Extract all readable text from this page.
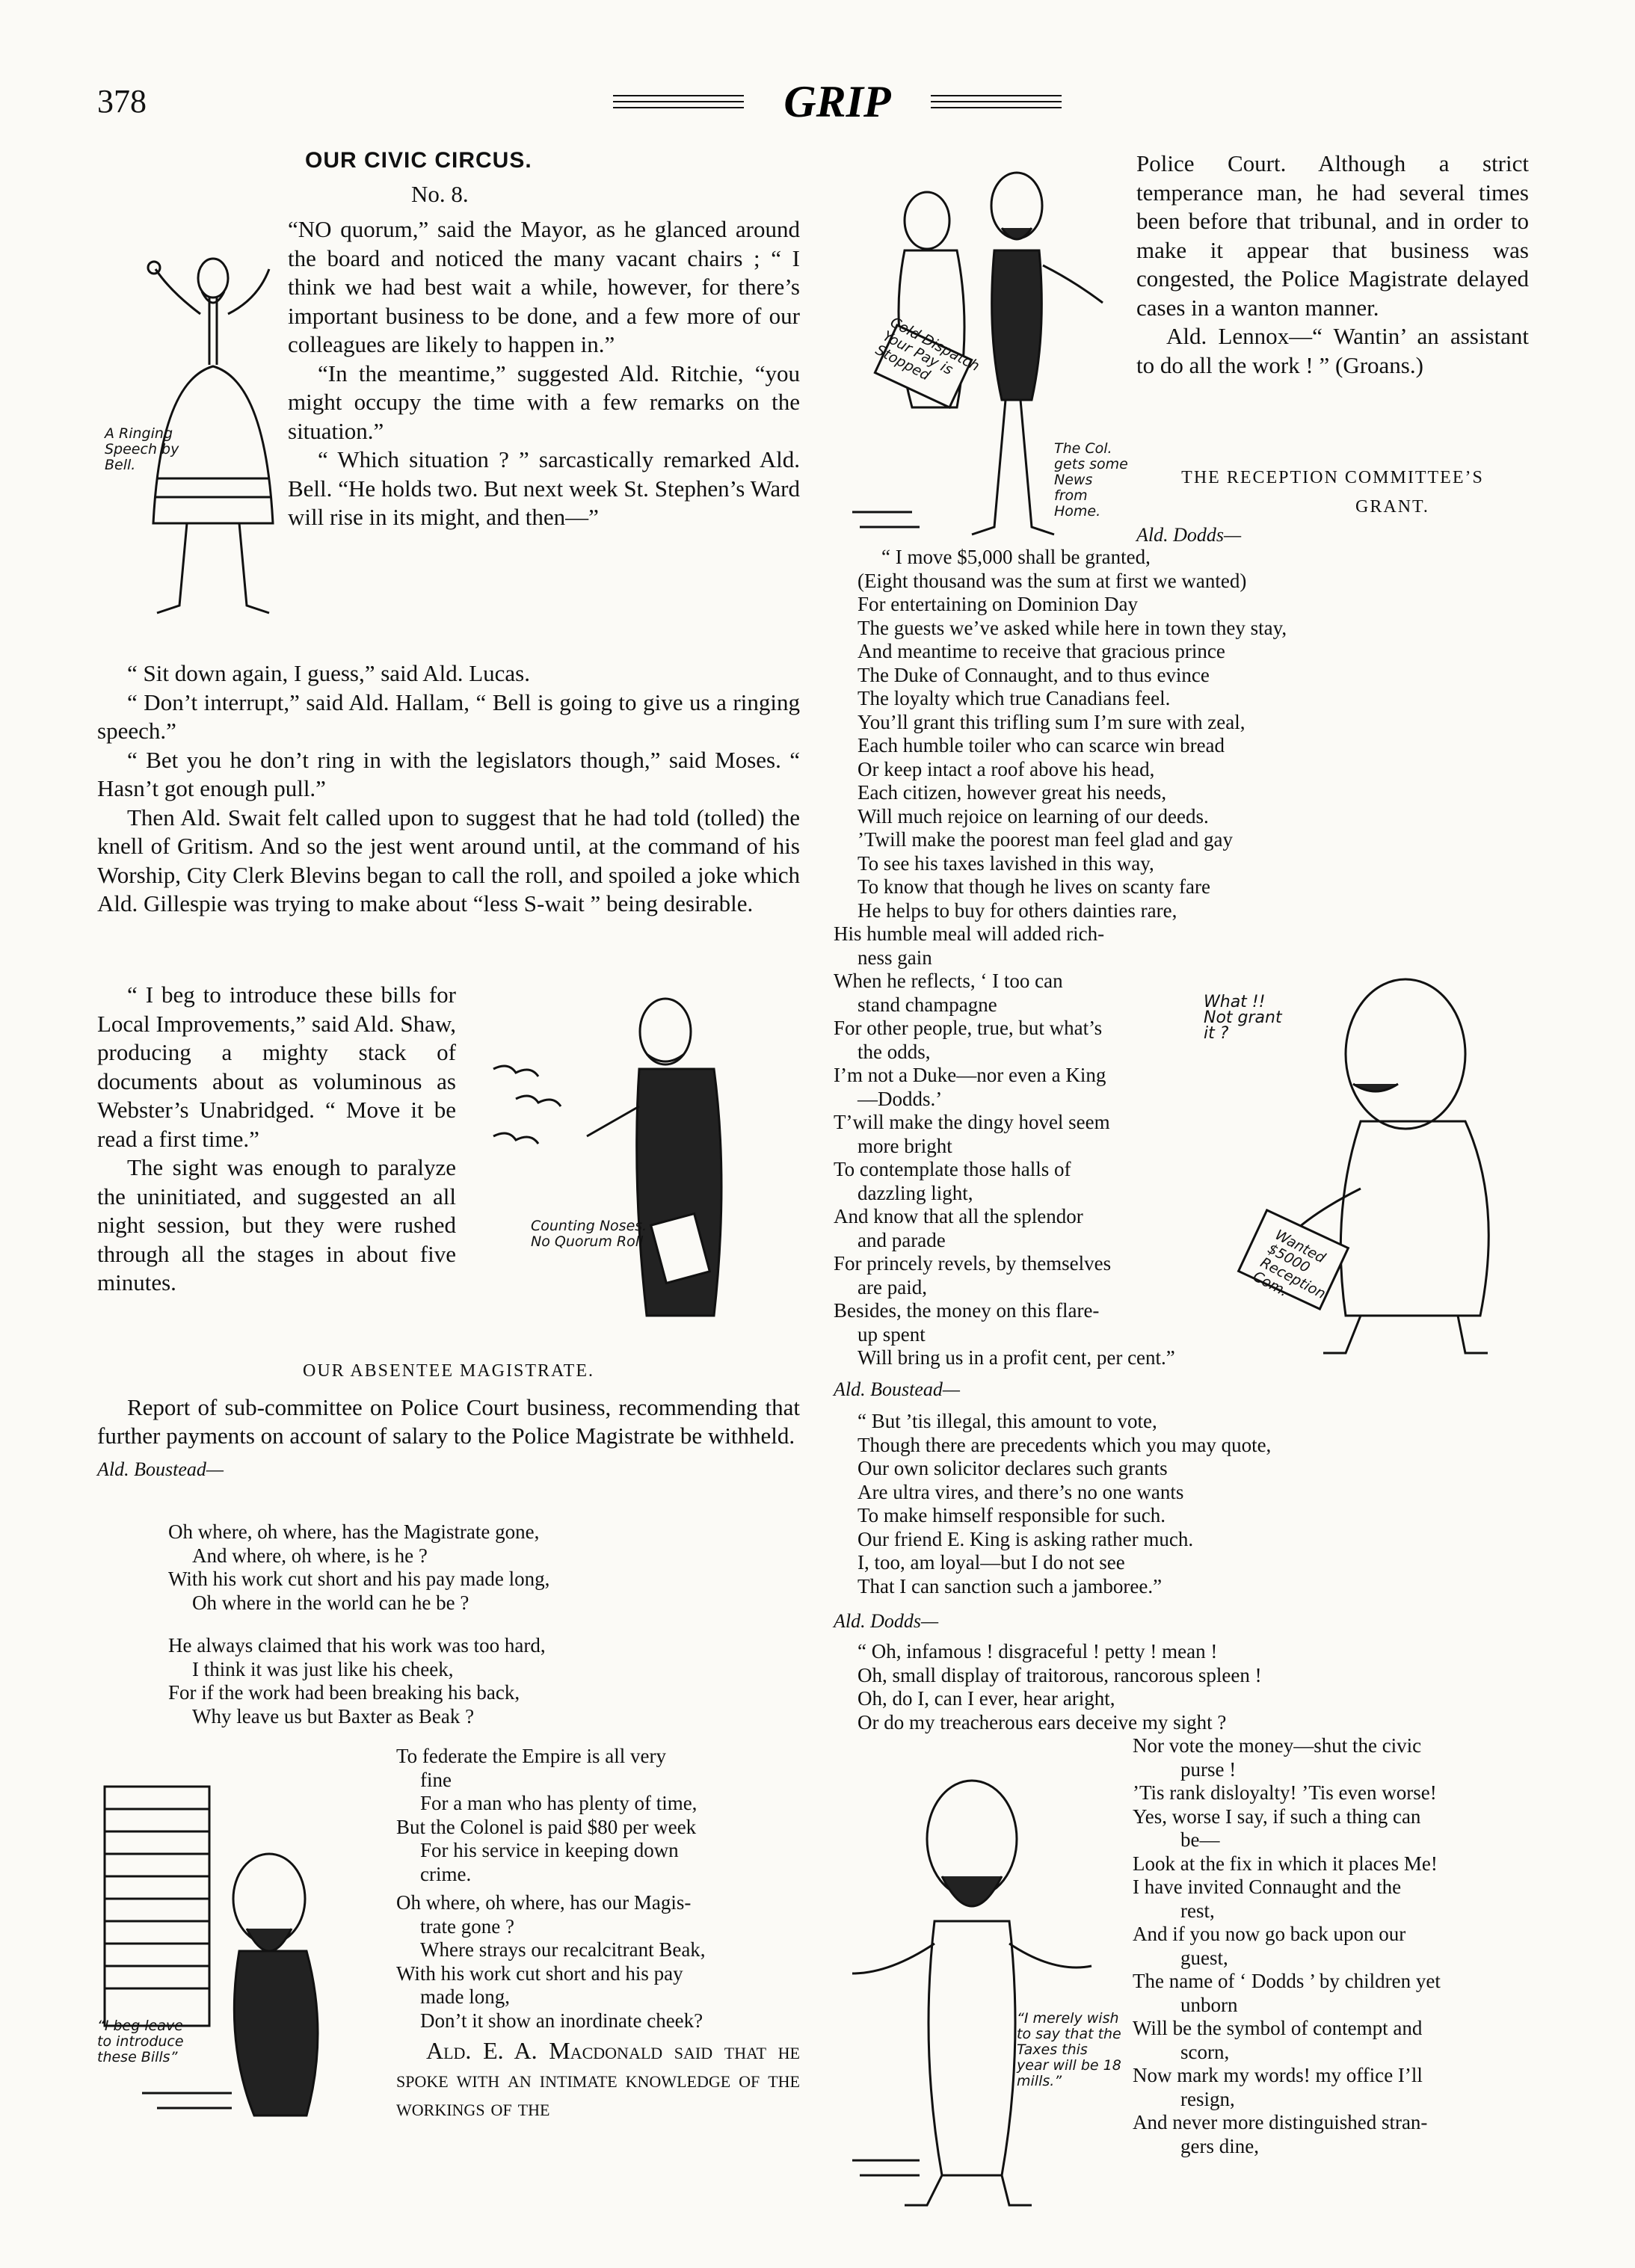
378	GRIP
OUR CIVIC CIRCUS.
No. 8.

“NO quorum,” said the Mayor, as he glanced around the board and noticed the many vacant chairs ; “ I think we had best wait a while, however, for there’s important business to be done, and a few more of our colleagues are likely to happen in.”

“In the meantime,” suggested Ald. Ritchie, “you might occupy the time with a few remarks on the situation.”

“ Which situation ? ” sarcastically remarked Ald. Bell. “He holds two. But next week St. Stephen’s Ward will rise in its might, and then—”

“ Sit down again, I guess,” said Ald. Lucas.

“ Don’t interrupt,” said Ald. Hallam, “ Bell is going to give us a ringing speech.”

“ Bet you he don’t ring in with the legislators though,” said Moses. “ Hasn’t got enough pull.”

Then Ald. Swait felt called upon to suggest that he had told (tolled) the knell of Gritism. And so the jest went around until, at the command of his Worship, City Clerk Blevins began to call the roll, and spoiled a joke which Ald. Gillespie was trying to make about “less S-wait ” being desirable.

“ I beg to introduce these bills for Local Improvements,” said Ald. Shaw, producing a mighty stack of documents about as voluminous as Webster’s Unabridged. “ Move it be read a first time.”

The sight was enough to paralyze the uninitiated, and suggested an all night session, but they were rushed through all the stages in about five minutes.

OUR ABSENTEE MAGISTRATE.

Report of sub-committee on Police Court business, recommending that further payments on account of salary to the Police Magistrate be withheld.

Ald. Boustead—
Oh where, oh where, has the Magistrate gone,
And where, oh where, is he ?
With his work cut short and his pay made long,
Oh where in the world can he be ?
He always claimed that his work was too hard,
I think it was just like his cheek,
For if the work had been breaking his back,
Why leave us but Baxter as Beak ?
To federate the Empire is all very
fine
For a man who has plenty of time,
But the Colonel is paid $80 per week
For his service in keeping down
crime.
Oh where, oh where, has our Magis-
trate gone ?
Where strays our recalcitrant Beak,
With his work cut short and his pay
made long,
Don’t it show an inordinate cheek?

Ald. E. A. Macdonald said that he spoke with an intimate knowledge of the workings of the

A Ringing Speech by Bell.
Counting Noses. No Quorum Roll
“I beg leave to introduce these Bills”

Police Court. Although a strict temperance man, he had several times been before that tribunal, and in order to make it appear that business was congested, the Police Magistrate delayed cases in a wanton manner.

Ald. Lennox—“ Wantin’ an assistant to do all the work ! ” (Groans.)

THE RECEPTION COMMITTEE’S
GRANT.
Ald. Dodds—
“ I move $5,000 shall be granted,
(Eight thousand was the sum at first we wanted)
For entertaining on Dominion Day
The guests we’ve asked while here in town they stay,
And meantime to receive that gracious prince
The Duke of Connaught, and to thus evince
The loyalty which true Canadians feel.
You’ll grant this trifling sum I’m sure with zeal,
Each humble toiler who can scarce win bread
Or keep intact a roof above his head,
Each citizen, however great his needs,
Will much rejoice on learning of our deeds.
’Twill make the poorest man feel glad and gay
To see his taxes lavished in this way,
To know that though he lives on scanty fare
He helps to buy for others dainties rare,
His humble meal will added rich-
ness gain
When he reflects, ‘ I too can
stand champagne
For other people, true, but what’s
the odds,
I’m not a Duke—nor even a King
—Dodds.’
T’will make the dingy hovel seem
more bright
To contemplate those halls of
dazzling light,
And know that all the splendor
and parade
For princely revels, by themselves
are paid,
Besides, the money on this flare-
up spent
Will bring us in a profit cent, per cent.”
Ald. Boustead—
“ But ’tis illegal, this amount to vote,
Though there are precedents which you may quote,
Our own solicitor declares such grants
Are ultra vires, and there’s no one wants
To make himself responsible for such.
Our friend E. King is asking rather much.
I, too, am loyal—but I do not see
That I can sanction such a jamboree.”
Ald. Dodds—
“ Oh, infamous ! disgraceful ! petty ! mean !
Oh, small display of traitorous, rancorous spleen !
Oh, do I, can I ever, hear aright,
Or do my treacherous ears deceive my sight ?
Nor vote the money—shut the civic
purse !
’Tis rank disloyalty! ’Tis even worse!
Yes, worse I say, if such a thing can
be—
Look at the fix in which it places Me!
I have invited Connaught and the
rest,
And if you now go back upon our
guest,
The name of ‘ Dodds ’ by children yet
unborn
Will be the symbol of contempt and
scorn,
Now mark my words! my office I’ll
resign,
And never more distinguished stran-
gers dine,
Cold Dispatch Your Pay is Stopped
The Col. gets some News from Home.
What !! Not grant it ?
Wanted $5000 Reception Com.
“I merely wish to say that the Taxes this year will be 18 mills.”
